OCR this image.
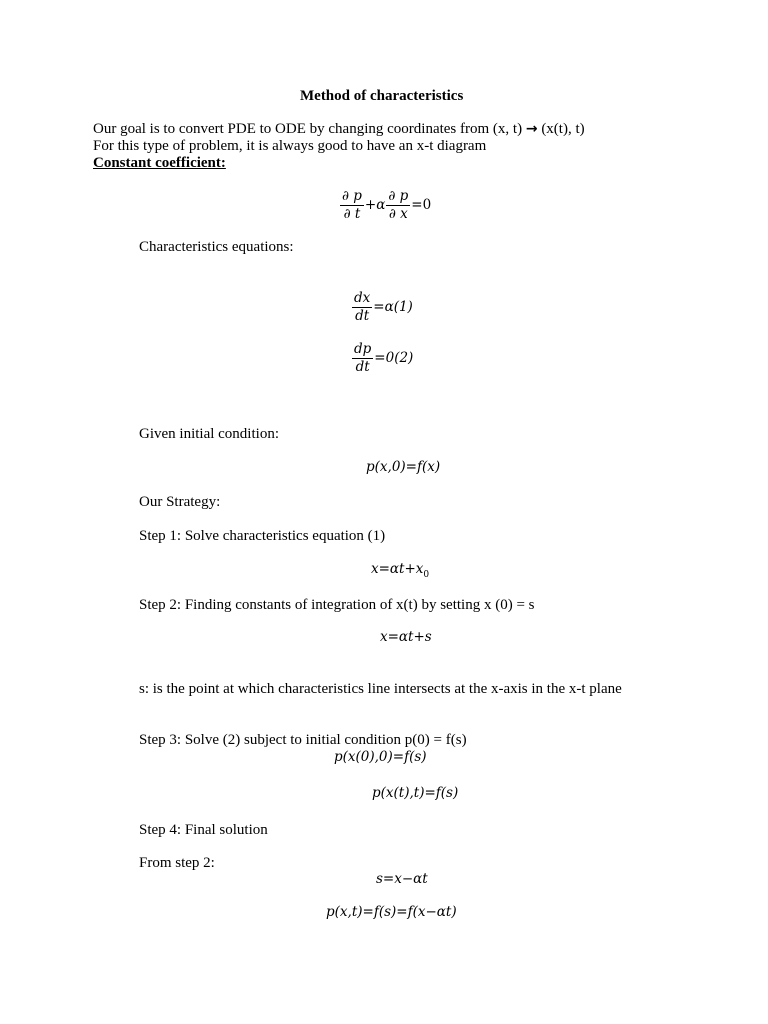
Method of characteristics
Our goal is to convert PDE to ODE by changing coordinates from (x, t) → (x(t), t)
For this type of problem, it is always good to have an x-t diagram
Constant coefficient:
$\frac{\partial p}{\partial t} +\alpha \frac{\partial p}{\partial x} =0$
Characteristics equations:
$\frac{dx}{dt} =\alpha(1)$
$\frac{dp}{dt} =0(2)$
Given initial condition:
p(x,0)=f(x)
Our Strategy:
Step 1: Solve characteristics equation (1)
$x=\alpha t+x_0$
Step 2: Finding constants of integration of x(t) by setting x (0) = s
x=αt+s
s: is the point at which characteristics line intersects at the x-axis in the x-t plane
Step 3: Solve (2) subject to initial condition p(0) = f(s)
p(x(0),0)=f(s)
p(x(t),t)=f(s)
Step 4: Final solution
From step 2:
s=x−αt
p(x,t)=f(s)=f(x−αt)
